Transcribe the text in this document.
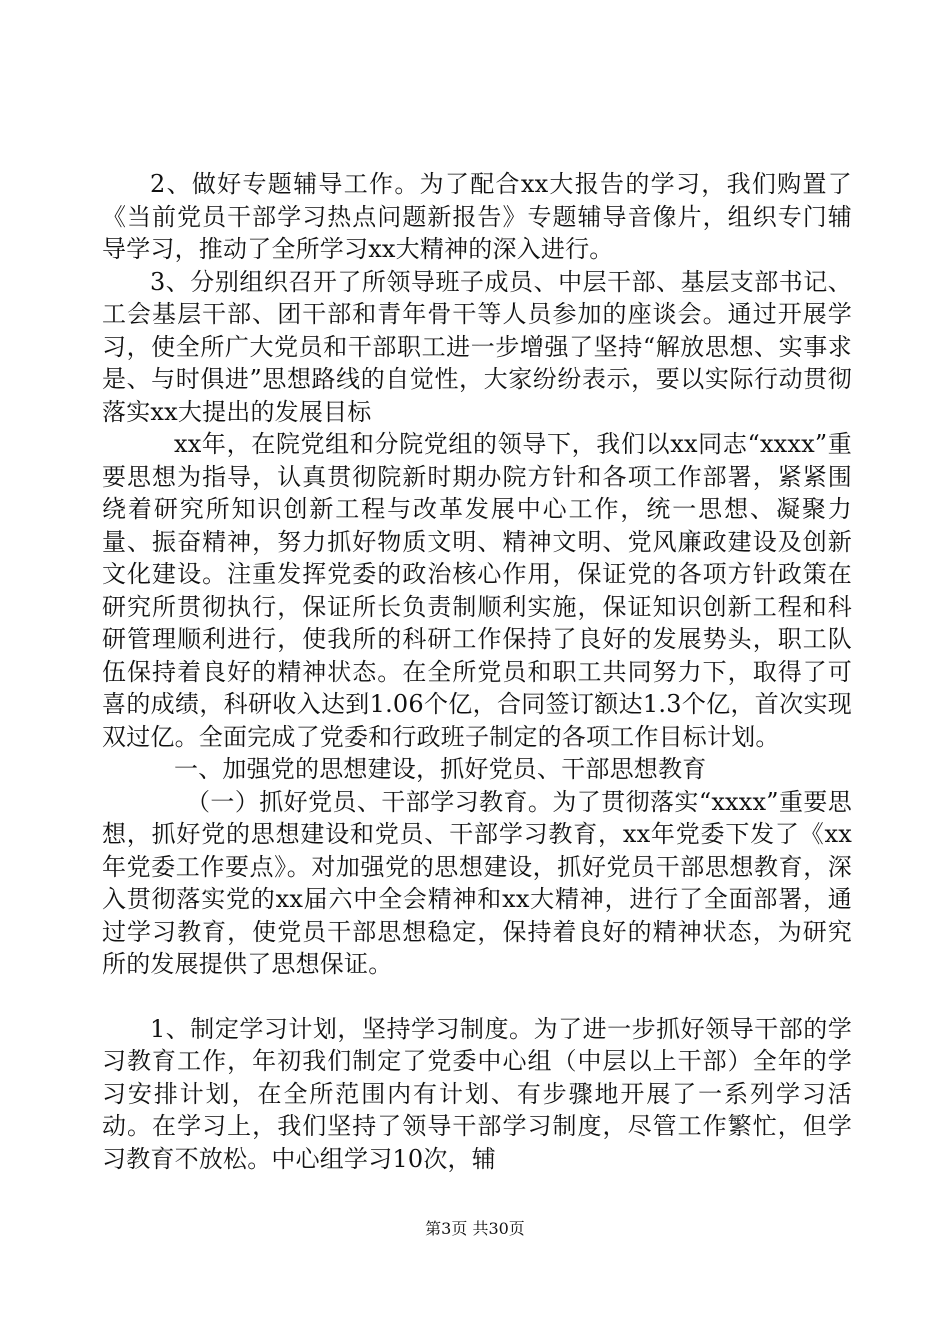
2、做好专题辅导工作。为了配合xx大报告的学习，我们购置了《当前党员干部学习热点问题新报告》专题辅导音像片，组织专门辅导学习，推动了全所学习xx大精神的深入进行。

3、分别组织召开了所领导班子成员、中层干部、基层支部书记、工会基层干部、团干部和青年骨干等人员参加的座谈会。通过开展学习，使全所广大党员和干部职工进一步增强了坚持“解放思想、实事求是、与时俱进”思想路线的自觉性，大家纷纷表示，要以实际行动贯彻落实xx大提出的发展目标

xx年，在院党组和分院党组的领导下，我们以xx同志“xxxx”重要思想为指导，认真贯彻院新时期办院方针和各项工作部署，紧紧围绕着研究所知识创新工程与改革发展中心工作，统一思想、凝聚力量、振奋精神，努力抓好物质文明、精神文明、党风廉政建设及创新文化建设。注重发挥党委的政治核心作用，保证党的各项方针政策在研究所贯彻执行，保证所长负责制顺利实施，保证知识创新工程和科研管理顺利进行，使我所的科研工作保持了良好的发展势头，职工队伍保持着良好的精神状态。在全所党员和职工共同努力下，取得了可喜的成绩，科研收入达到1.06个亿，合同签订额达1.3个亿，首次实现双过亿。全面完成了党委和行政班子制定的各项工作目标计划。

一、加强党的思想建设，抓好党员、干部思想教育

（一）抓好党员、干部学习教育。为了贯彻落实“xxxx”重要思想，抓好党的思想建设和党员、干部学习教育，xx年党委下发了《xx年党委工作要点》。对加强党的思想建设，抓好党员干部思想教育，深入贯彻落实党的xx届六中全会精神和xx大精神，进行了全面部署，通过学习教育，使党员干部思想稳定，保持着良好的精神状态，为研究所的发展提供了思想保证。

1、制定学习计划，坚持学习制度。为了进一步抓好领导干部的学习教育工作，年初我们制定了党委中心组（中层以上干部）全年的学习安排计划，在全所范围内有计划、有步骤地开展了一系列学习活动。在学习上，我们坚持了领导干部学习制度，尽管工作繁忙，但学习教育不放松。中心组学习10次，辅

第3页 共30页
